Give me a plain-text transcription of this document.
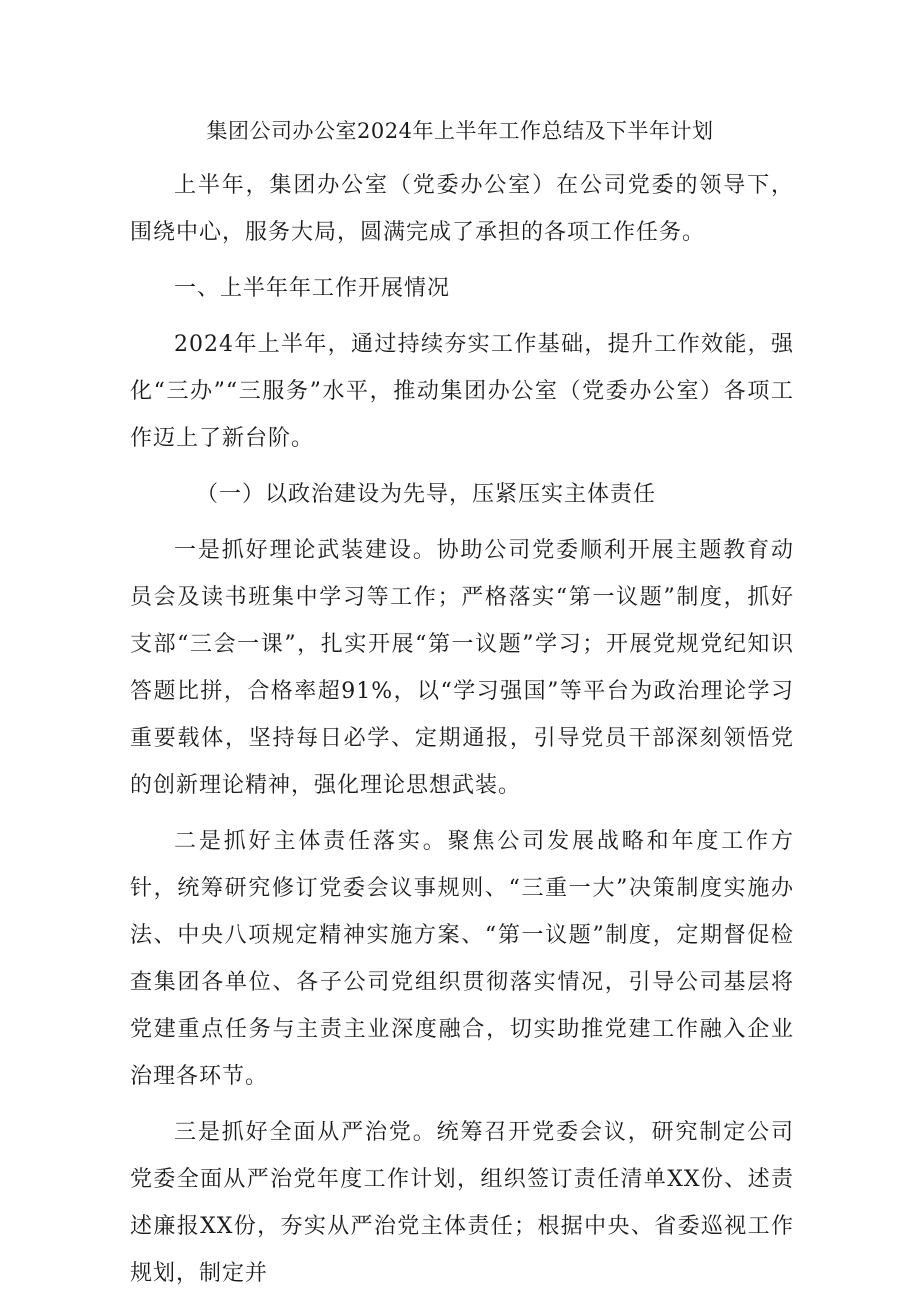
集团公司办公室2024年上半年工作总结及下半年计划

上半年，集团办公室（党委办公室）在公司党委的领导下，围绕中心，服务大局，圆满完成了承担的各项工作任务。

一、上半年年工作开展情况

2024年上半年，通过持续夯实工作基础，提升工作效能，强化“三办”“三服务”水平，推动集团办公室（党委办公室）各项工作迈上了新台阶。

（一）以政治建设为先导，压紧压实主体责任

一是抓好理论武装建设。协助公司党委顺利开展主题教育动员会及读书班集中学习等工作；严格落实“第一议题”制度，抓好支部“三会一课”，扎实开展“第一议题”学习；开展党规党纪知识答题比拼，合格率超91%，以“学习强国”等平台为政治理论学习重要载体，坚持每日必学、定期通报，引导党员干部深刻领悟党的创新理论精神，强化理论思想武装。

二是抓好主体责任落实。聚焦公司发展战略和年度工作方针，统筹研究修订党委会议事规则、“三重一大”决策制度实施办法、中央八项规定精神实施方案、“第一议题”制度，定期督促检查集团各单位、各子公司党组织贯彻落实情况，引导公司基层将党建重点任务与主责主业深度融合，切实助推党建工作融入企业治理各环节。

三是抓好全面从严治党。统筹召开党委会议，研究制定公司党委全面从严治党年度工作计划，组织签订责任清单XX份、述责述廉报XX份，夯实从严治党主体责任；根据中央、省委巡视工作规划，制定并
